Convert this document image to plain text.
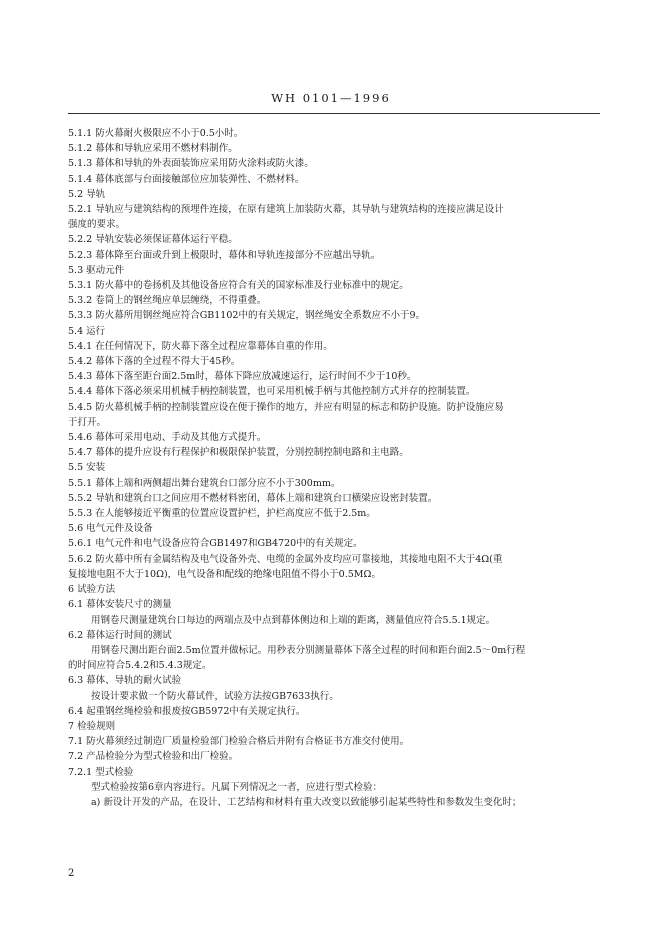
WH 0101—1996
5.1.1 防火幕耐火极限应不小于0.5小时。
5.1.2 幕体和导轨应采用不燃材料制作。
5.1.3 幕体和导轨的外表面装饰应采用防火涂料或防火漆。
5.1.4 幕体底部与台面接触部位应加装弹性、不燃材料。
5.2 导轨
5.2.1 导轨应与建筑结构的预埋件连接，在原有建筑上加装防火幕，其导轨与建筑结构的连接应满足设计
强度的要求。
5.2.2 导轨安装必须保证幕体运行平稳。
5.2.3 幕体降至台面或升到上极限时，幕体和导轨连接部分不应越出导轨。
5.3 驱动元件
5.3.1 防火幕中的卷扬机及其他设备应符合有关的国家标准及行业标准中的规定。
5.3.2 卷筒上的钢丝绳应单层缠绕，不得重叠。
5.3.3 防火幕所用钢丝绳应符合GB1102中的有关规定，钢丝绳安全系数应不小于9。
5.4 运行
5.4.1 在任何情况下，防火幕下落全过程应靠幕体自重的作用。
5.4.2 幕体下落的全过程不得大于45秒。
5.4.3 幕体下落至距台面2.5m时，幕体下降应放减速运行，运行时间不少于10秒。
5.4.4 幕体下落必须采用机械手柄控制装置，也可采用机械手柄与其他控制方式并存的控制装置。
5.4.5 防火幕机械手柄的控制装置应设在便于操作的地方，并应有明显的标志和防护设施。防护设施应易
于打开。
5.4.6 幕体可采用电动、手动及其他方式提升。
5.4.7 幕体的提升应设有行程保护和极限保护装置，分别控制控制电路和主电路。
5.5 安装
5.5.1 幕体上端和两侧超出舞台建筑台口部分应不小于300mm。
5.5.2 导轨和建筑台口之间应用不燃材料密闭，幕体上端和建筑台口横梁应设密封装置。
5.5.3 在人能够接近平衡重的位置应设置护栏，护栏高度应不低于2.5m。
5.6 电气元件及设备
5.6.1 电气元件和电气设备应符合GB1497和GB4720中的有关规定。
5.6.2 防火幕中所有金属结构及电气设备外壳、电缆的金属外皮均应可靠接地，其接地电阻不大于4Ω(重
复接地电阻不大于10Ω)，电气设备和配线的绝缘电阻值不得小于0.5MΩ。
6 试验方法
6.1 幕体安装尺寸的测量
用钢卷尺测量建筑台口每边的两端点及中点到幕体侧边和上端的距离，测量值应符合5.5.1规定。
6.2 幕体运行时间的测试
用钢卷尺测出距台面2.5m位置并做标记。用秒表分别测量幕体下落全过程的时间和距台面2.5～0m行程
的时间应符合5.4.2和5.4.3规定。
6.3 幕体、导轨的耐火试验
按设计要求做一个防火幕试件，试验方法按GB7633执行。
6.4 起重钢丝绳检验和报废按GB5972中有关规定执行。
7 检验规则
7.1 防火幕须经过制造厂质量检验部门检验合格后并附有合格证书方准交付使用。
7.2 产品检验分为型式检验和出厂检验。
7.2.1 型式检验
型式检验按第6章内容进行。凡属下列情况之一者，应进行型式检验：
a) 新设计开发的产品，在设计、工艺结构和材料有重大改变以致能够引起某些特性和参数发生变化时；
2
